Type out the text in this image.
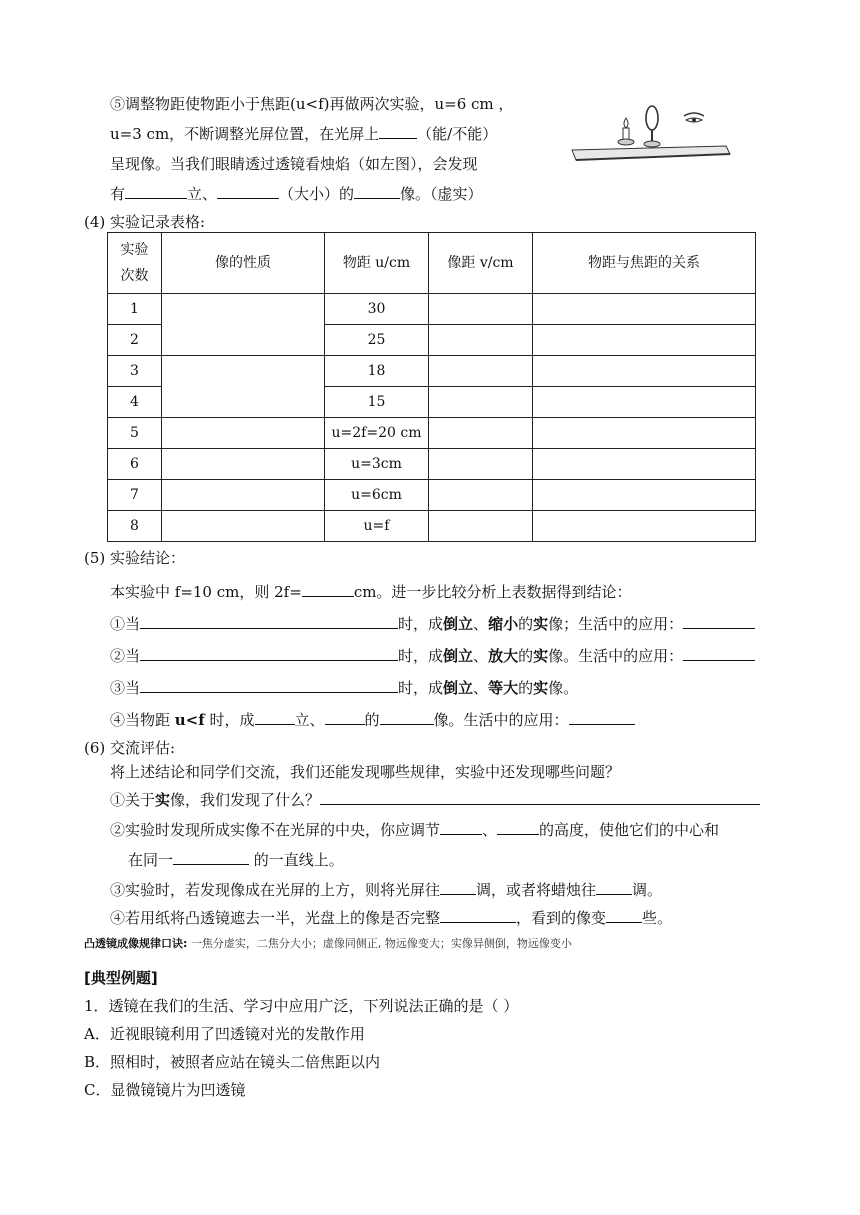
⑤调整物距使物距小于焦距(u<f)再做两次实验，u=6 cm ，
u=3 cm，不断调整光屏位置，在光屏上	（能/不能）
呈现像。当我们眼睛透过透镜看烛焰（如左图），会发现
有	立、	（大小）的	像。（虚实）
(4) 实验记录表格:
实验
次数	像的性质	物距 u/cm	像距 v/cm	物距与焦距的关系
1		30		
2		25		
3		18		
4		15		
5		u=2f=20 cm		
6		u=3cm		
7		u=6cm		
8		u=f		
(5) 实验结论：
本实验中 f=10 cm，则 2f=	cm。进一步比较分析上表数据得到结论：
①当	时，成倒立、缩小的实像；生活中的应用：
②当	时，成倒立、放大的实像。生活中的应用：
③当	时，成倒立、等大的实像。
④当物距 u<f 时，成	立、	的	像。生活中的应用：
(6) 交流评估:
将上述结论和同学们交流，我们还能发现哪些规律，实验中还发现哪些问题？
①关于实像，我们发现了什么？
②实验时发现所成实像不在光屏的中央，你应调节	、	的高度，使他它们的中心和
在同一	的一直线上。
③实验时，若发现像成在光屏的上方，则将光屏往 调，或者将蜡烛往 调。
④若用纸将凸透镜遮去一半，光盘上的像是否完整	，看到的像变 些。
凸透镜成像规律口诀: 一焦分虚实，二焦分大小；虚像同侧正, 物远像变大；实像异侧倒，物远像变小
[典型例题]
1．透镜在我们的生活、学习中应用广泛，下列说法正确的是（ ）
A．近视眼镜利用了凹透镜对光的发散作用
B．照相时，被照者应站在镜头二倍焦距以内
C．显微镜镜片为凹透镜
